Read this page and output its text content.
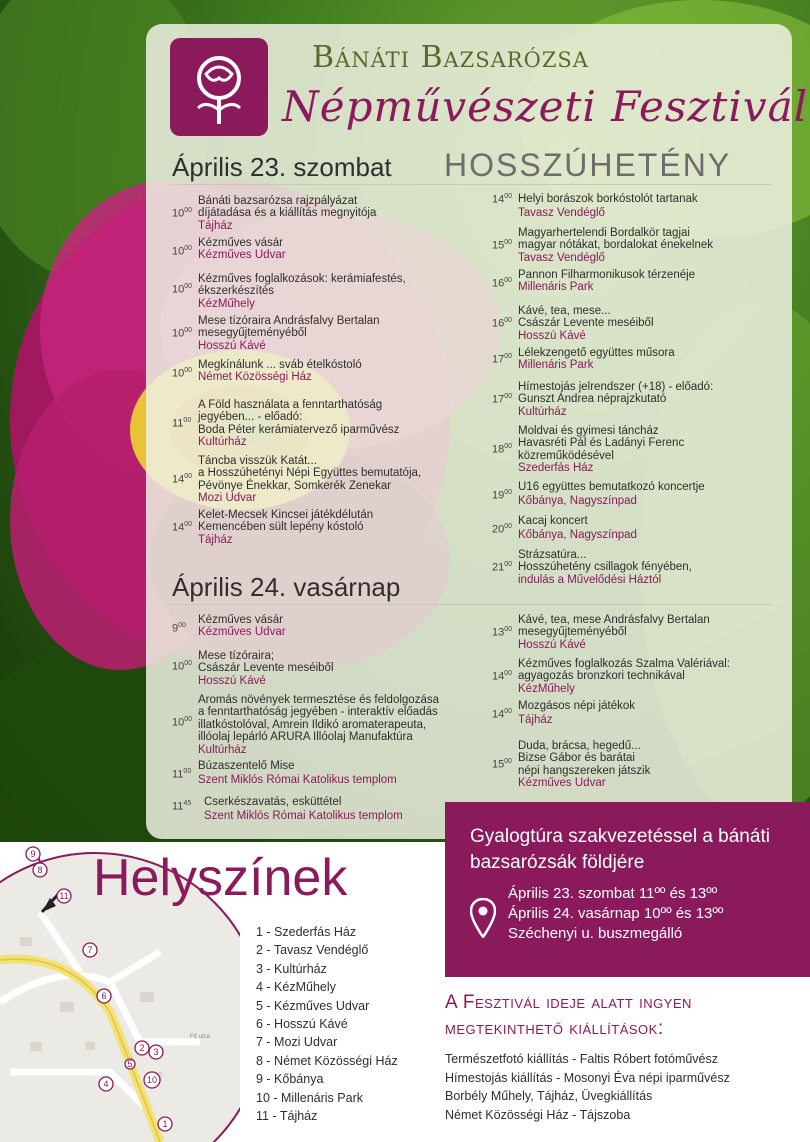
Bánáti Bazsarózsa
Népművészeti Fesztivál
Április 23. szombat HOSSZÚHETÉNY
$10^{00}$
Bánáti bazsarózsa rajzpályázat
díjátadása és a kiállítás megnyitója
Tájház
$10^{00}$ Kézműves vásár
Kézműves Udvar
$10^{00}$
Kézműves foglalkozások: kerámiafestés,
ékszerkészítés
KézMűhely
$10^{00}$
Mese tízóraira Andrásfalvy Bertalan
mesegyűjteményéből
Hosszú Kávé
$10^{00}$ Megkínálunk ... sváb ételkóstoló
Német Közösségi Ház
$11^{00}$
A Föld használata a fenntarthatóság
jegyében... - előadó:
Boda Péter kerámiatervező iparművész
Kultúrház
$14^{00}$
Táncba visszük Katát...
a Hosszúhetényi Népi Együttes bemutatója,
Pévönye Énekkar, Somkerék Zenekar
Mozi Udvar
$14^{00}$
Kelet-Mecsek Kincsei játékdélután
Kemencében sült lepény kóstoló
Tájház
$14^{00}$ Helyi borászok borkóstolót tartanak
Tavasz Vendéglő
$15^{00}$
Magyarhertelendi Bordalkör tagjai
magyar nótákat, bordalokat énekelnek
Tavasz Vendéglő
$16^{00}$ Pannon Filharmonikusok térzenéje
Millenáris Park
$16^{00}$
Kávé, tea, mese...
Császár Levente meséiből
Hosszú Kávé
$17^{00}$ Lélekzengető együttes műsora
Millenáris Park
$17^{00}$
Hímestojás jelrendszer (+18) - előadó:
Gunszt Andrea néprajzkutató
Kultúrház
$18^{00}$
Moldvai és gyimesi táncház
Havasréti Pál és Ladányi Ferenc
közreműködésével
Szederfás Ház
$19^{00}$ U16 együttes bemutatkozó koncertje
Kőbánya, Nagyszínpad
$20^{00}$ Kacaj koncert
Kőbánya, Nagyszínpad
$21^{00}$
Strázsatúra...
Hosszúhetény csillagok fényében,
indulás a Művelődési Háztól
Április 24. vasárnap
$9^{00}$ Kézműves vásár
Kézműves Udvar
$10^{00}$
Mese tízóraira;
Császár Levente meséiből
Hosszú Kávé
$10^{00}$
Aromás növények termesztése és feldolgozása
a fenntarthatóság jegyében - interaktív előadás
illatkóstolóval, Amrein Ildikó aromaterapeuta,
illóolaj lepárló ARURA Illóolaj Manufaktúra
Kultúrház
$11^{00}$ Búzaszentelő Mise
Szent Miklós Római Katolikus templom
$11^{45}$ Cserkészavatás, esküttétel
Szent Miklós Római Katolikus templom
$13^{00}$
Kávé, tea, mese Andrásfalvy Bertalan
mesegyűjteményéből
Hosszú Kávé
$14^{00}$
Kézműves foglalkozás Szalma Valériával:
agyagozás bronzkori technikával
KézMűhely
$14^{00}$ Mozgásos népi játékok
Tájház
$15^{00}$
Duda, brácsa, hegedű...
Bizse Gábor és barátai
népi hangszereken játszik
Kézműves Udvar
9
8
11
7
6
2 3
5
4	10
1
Fő utca
Helyszínek
1 - Szederfás Ház
2 - Tavasz Vendéglő
3 - Kultúrház
4 - KézMűhely
5 - Kézműves Udvar
6 - Hosszú Kávé
7 - Mozi Udvar
8 - Német Közösségi Ház
9 - Kőbánya
10 - Millenáris Park
11 - Tájház
Gyalogtúra szakvezetéssel a bánáti bazsarózsák földjére
Április 23. szombat 11ºº és 13ºº
Április 24. vasárnap 10ºº és 13ºº
Széchenyi u. buszmegálló
A Fesztivál ideje alatt ingyen megtekinthető kiállítások:
Természetfotó kiállítás - Faltis Róbert fotóművész
Hímestojás kiállítás - Mosonyi Éva népi iparművész
Borbély Műhely, Tájház, Üvegkiállítás
Német Közösségi Ház - Tájszoba
